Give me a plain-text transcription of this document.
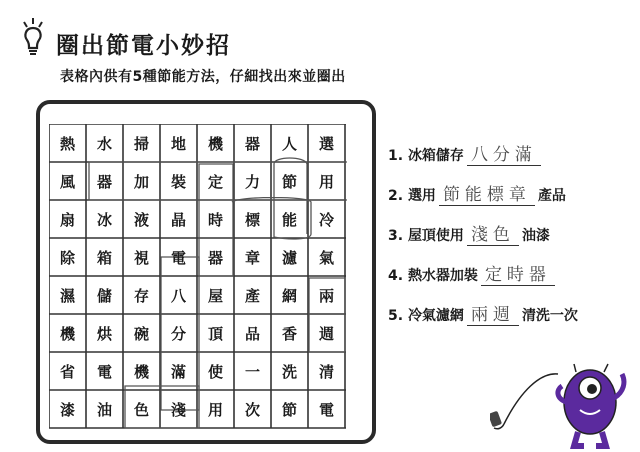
圈出節電小妙招
表格內供有5種節能方法，仔細找出來並圈出
熱	水	掃	地	機	器	人	選
風	器	加	裝	定	力	節	用
扇	冰	液	晶	時	標	能	冷
除	箱	視	電	器	章	濾	氣
濕	儲	存	八	屋	產	網	兩
機	烘	碗	分	頂	品	香	週
省	電	機	滿	使	一	洗	清
漆	油	色	淺	用	次	節	電
1. 冰箱儲存 八分滿
2. 選用 節能標章 產品
3. 屋頂使用 淺色 油漆
4. 熱水器加裝 定時器
5. 冷氣濾網 兩週 清洗一次
